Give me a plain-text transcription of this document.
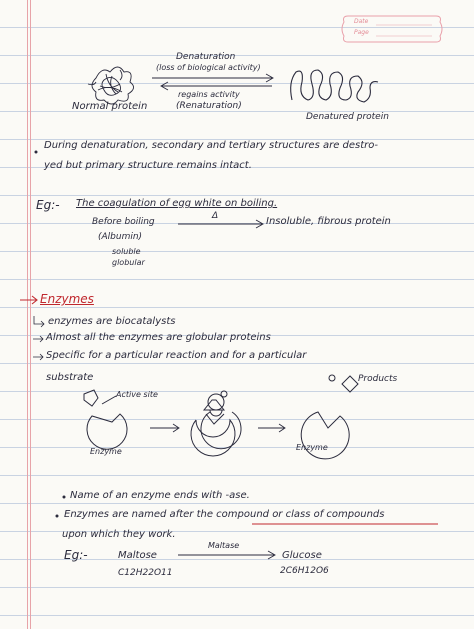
Date
Page
Denaturation
(loss of biological activity)
regains activity
(Renaturation)
Normal protein
Denatured protein
During denaturation, secondary and tertiary structures are destro-
yed but primary structure remains intact.
Eg:- The coagulation of egg white on boiling.
Before boiling
(Albumin)
soluble
globular
Δ	Insoluble, fibrous protein
Enzymes
enzymes are biocatalysts
Almost all the enzymes are globular proteins
Specific for a particular reaction and for a particular
substrate
Active site
Products
Enzyme	Enzyme
Name of an enzyme ends with -ase.
Enzymes are named after the compound or class of compounds
upon which they work.
Eg:-	Maltose
Maltase
Glucose
C12H22O11	2C6H12O6
